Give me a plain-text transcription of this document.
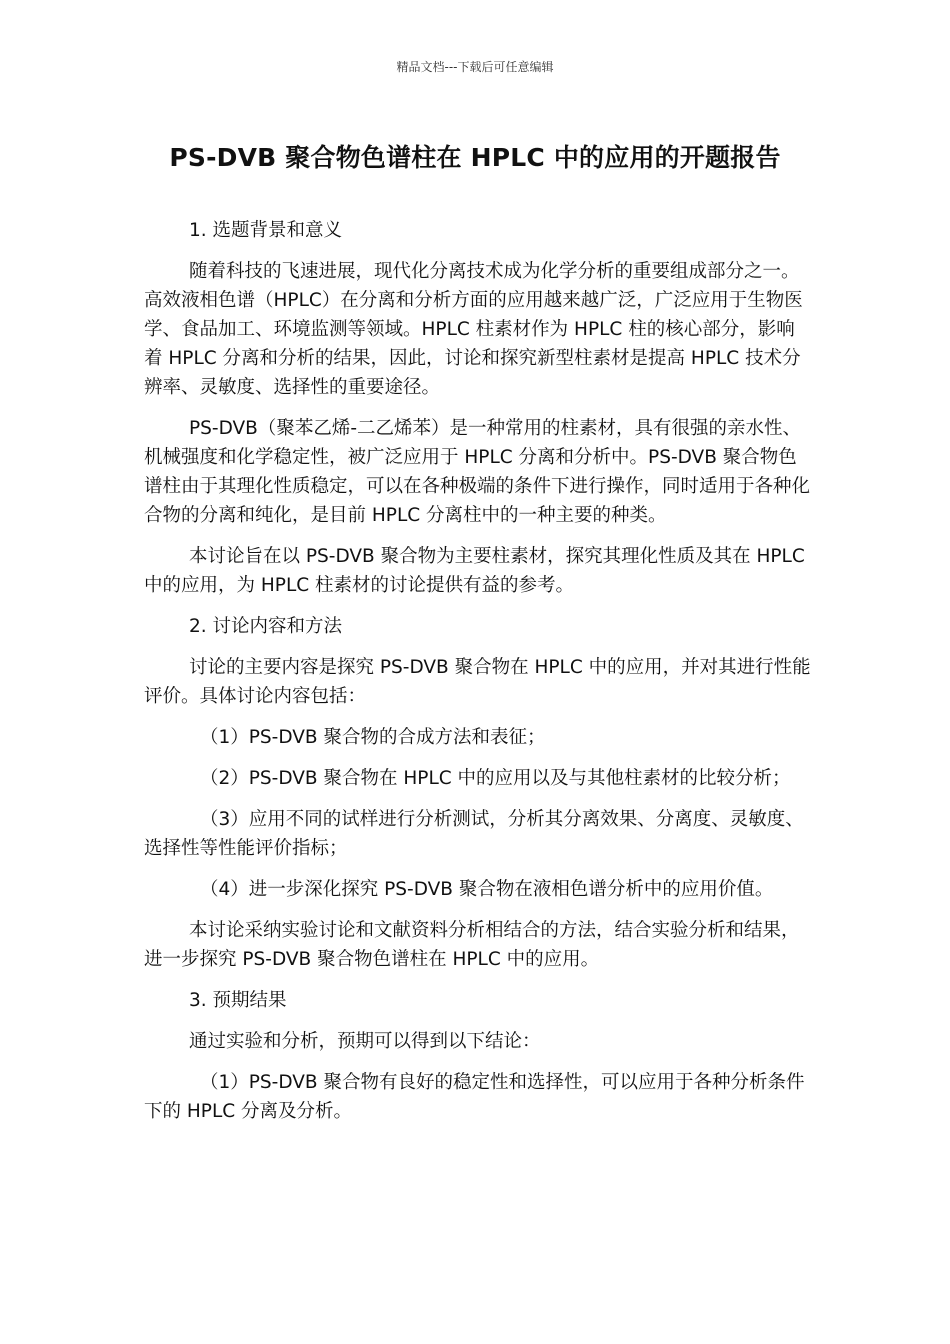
精品文档---下载后可任意编辑
PS-DVB 聚合物色谱柱在 HPLC 中的应用的开题报告

1. 选题背景和意义

随着科技的飞速进展，现代化分离技术成为化学分析的重要组成部分之一。高效液相色谱（HPLC）在分离和分析方面的应用越来越广泛，广泛应用于生物医学、食品加工、环境监测等领域。HPLC 柱素材作为 HPLC 柱的核心部分，影响着 HPLC 分离和分析的结果，因此，讨论和探究新型柱素材是提高 HPLC 技术分辨率、灵敏度、选择性的重要途径。

PS-DVB（聚苯乙烯-二乙烯苯）是一种常用的柱素材，具有很强的亲水性、机械强度和化学稳定性，被广泛应用于 HPLC 分离和分析中。PS-DVB 聚合物色谱柱由于其理化性质稳定，可以在各种极端的条件下进行操作，同时适用于各种化合物的分离和纯化，是目前 HPLC 分离柱中的一种主要的种类。

本讨论旨在以 PS-DVB 聚合物为主要柱素材，探究其理化性质及其在 HPLC 中的应用，为 HPLC 柱素材的讨论提供有益的参考。

2. 讨论内容和方法

讨论的主要内容是探究 PS-DVB 聚合物在 HPLC 中的应用，并对其进行性能评价。具体讨论内容包括：

（1）PS-DVB 聚合物的合成方法和表征；

（2）PS-DVB 聚合物在 HPLC 中的应用以及与其他柱素材的比较分析；

（3）应用不同的试样进行分析测试，分析其分离效果、分离度、灵敏度、选择性等性能评价指标；

（4）进一步深化探究 PS-DVB 聚合物在液相色谱分析中的应用价值。

本讨论采纳实验讨论和文献资料分析相结合的方法，结合实验分析和结果，进一步探究 PS-DVB 聚合物色谱柱在 HPLC 中的应用。

3. 预期结果

通过实验和分析，预期可以得到以下结论：

（1）PS-DVB 聚合物有良好的稳定性和选择性，可以应用于各种分析条件下的 HPLC 分离及分析。
